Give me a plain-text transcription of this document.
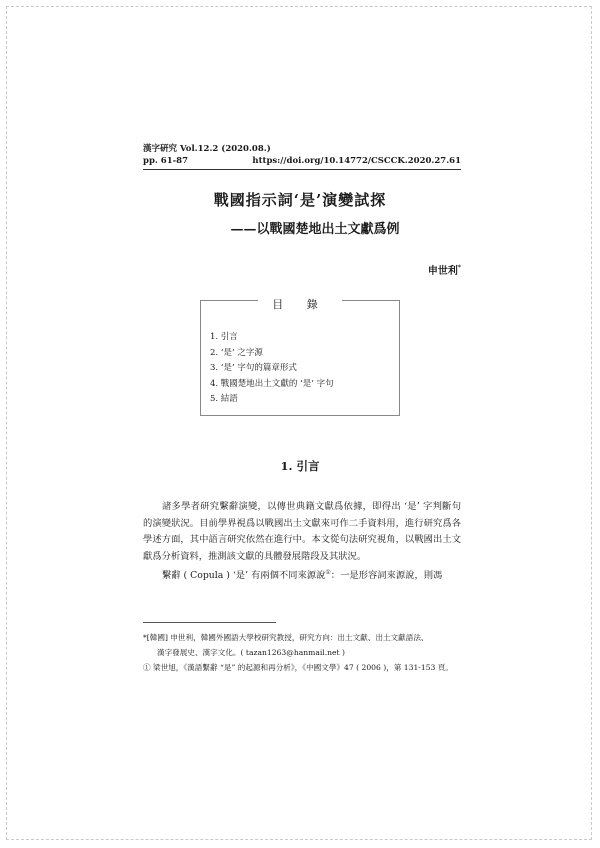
漢字硏究 Vol.12.2 (2020.08.)
pp. 61-87	https://doi.org/10.14772/CSCCK.2020.27.61
戰國指示詞‘是’演變試探
——以戰國楚地出土文獻爲例
申世利*
目 錄
1. 引言
2. ‘是’ 之字源
3. ‘是’ 字句的篇章形式
4. 戰國楚地出土文獻的 ‘是’ 字句
5. 結語
1. 引言

諸多學者研究繫辭演變，以傳世典籍文獻爲依據，即得出 ‘是’ 字判斷句的演變狀況。目前學界視爲以戰國出土文獻來可作二手資料用，進行研究爲各學述方面，其中語言研究依然在進行中。本文從句法研究視角，以戰國出土文獻爲分析資料，推測該文獻的具體發展階段及其狀況。

繫辭 ( Copula ) ‘是’ 有兩個不同來源說①：一是形容詞來源說，則馮

*[韓國] 申世利，韓國外國語大學校研究教授，研究方向：出土文獻、出土文獻語法、
漢字發展史、漢字文化。( tazan1263@hanmail.net )
① 梁世旭，《漢語繫辭 “是” 的起源和再分析》，《中國文學》47 ( 2006 )，第 131-153 頁。
